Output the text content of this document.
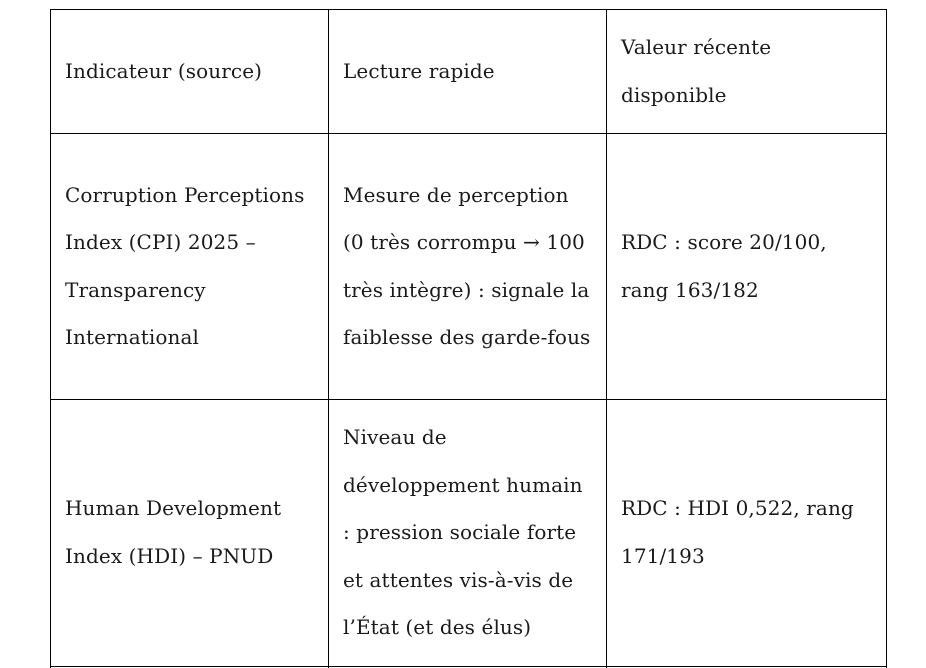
Indicateur (source)	Lecture rapide	Valeur récente disponible
Corruption Perceptions Index (CPI) 2025 – Transparency International	Mesure de perception (0 très corrompu → 100 très intègre) : signale la faiblesse des garde-fous	RDC : score 20/100, rang 163/182
Human Development Index (HDI) – PNUD	Niveau de développement humain : pression sociale forte et attentes vis-à-vis de l’État (et des élus)	RDC : HDI 0,522, rang 171/193
